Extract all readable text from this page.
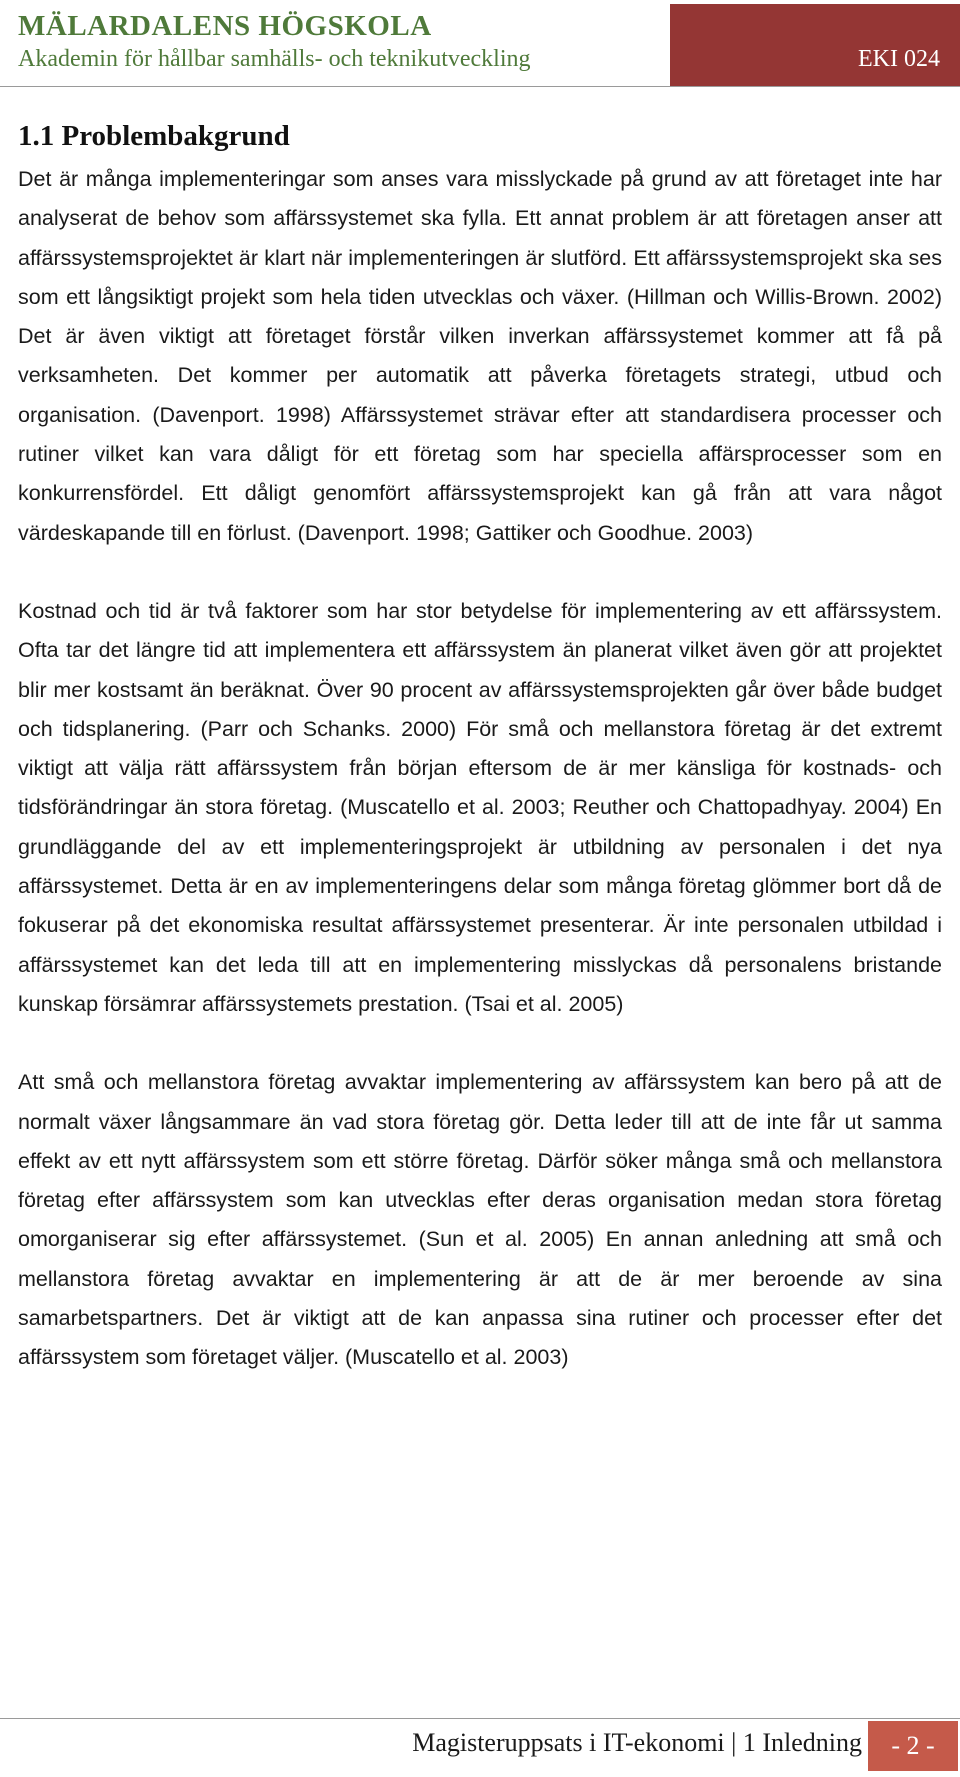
MÄLARDALENS HÖGSKOLA
Akademin för hållbar samhälls- och teknikutveckling	EKI 024
1.1 Problembakgrund

Det är många implementeringar som anses vara misslyckade på grund av att företaget inte har analyserat de behov som affärssystemet ska fylla. Ett annat problem är att företagen anser att affärssystemsprojektet är klart när implementeringen är slutförd. Ett affärssystemsprojekt ska ses som ett långsiktigt projekt som hela tiden utvecklas och växer. (Hillman och Willis-Brown. 2002) Det är även viktigt att företaget förstår vilken inverkan affärssystemet kommer att få på verksamheten. Det kommer per automatik att påverka företagets strategi, utbud och organisation. (Davenport. 1998) Affärssystemet strävar efter att standardisera processer och rutiner vilket kan vara dåligt för ett företag som har speciella affärsprocesser som en konkurrensfördel. Ett dåligt genomfört affärssystemsprojekt kan gå från att vara något värdeskapande till en förlust. (Davenport. 1998; Gattiker och Goodhue. 2003)

Kostnad och tid är två faktorer som har stor betydelse för implementering av ett affärssystem. Ofta tar det längre tid att implementera ett affärssystem än planerat vilket även gör att projektet blir mer kostsamt än beräknat. Över 90 procent av affärssystemsprojekten går över både budget och tidsplanering. (Parr och Schanks. 2000) För små och mellanstora företag är det extremt viktigt att välja rätt affärssystem från början eftersom de är mer känsliga för kostnads- och tidsförändringar än stora företag. (Muscatello et al. 2003; Reuther och Chattopadhyay. 2004) En grundläggande del av ett implementeringsprojekt är utbildning av personalen i det nya affärssystemet. Detta är en av implementeringens delar som många företag glömmer bort då de fokuserar på det ekonomiska resultat affärssystemet presenterar. Är inte personalen utbildad i affärssystemet kan det leda till att en implementering misslyckas då personalens bristande kunskap försämrar affärssystemets prestation. (Tsai et al. 2005)

Att små och mellanstora företag avvaktar implementering av affärssystem kan bero på att de normalt växer långsammare än vad stora företag gör. Detta leder till att de inte får ut samma effekt av ett nytt affärssystem som ett större företag. Därför söker många små och mellanstora företag efter affärssystem som kan utvecklas efter deras organisation medan stora företag omorganiserar sig efter affärssystemet. (Sun et al. 2005) En annan anledning att små och mellanstora företag avvaktar en implementering är att de är mer beroende av sina samarbetspartners. Det är viktigt att de kan anpassa sina rutiner och processer efter det affärssystem som företaget väljer. (Muscatello et al. 2003)

Magisteruppsats i IT-ekonomi | 1 Inledning	- 2 -
